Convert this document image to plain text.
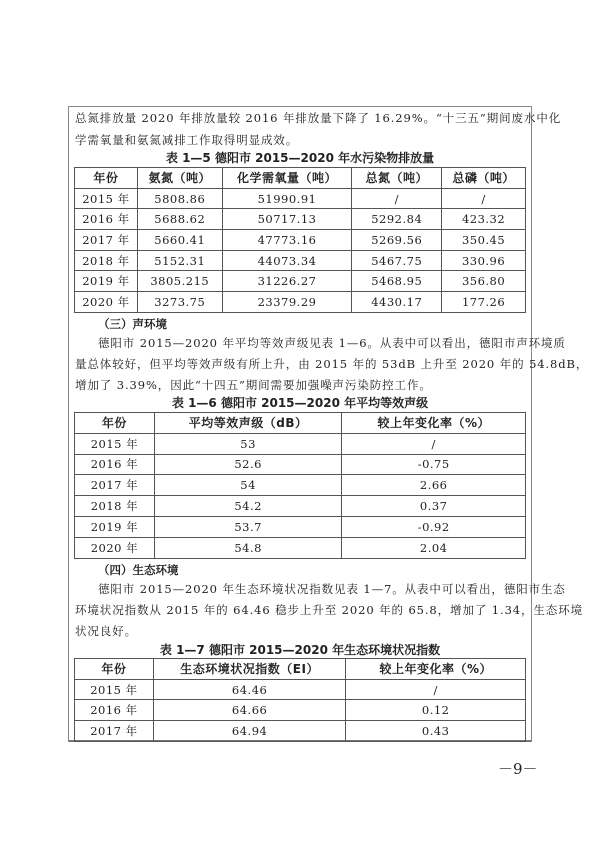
总氮排放量 2020 年排放量较 2016 年排放量下降了 16.29%。“十三五”期间废水中化
学需氧量和氨氮减排工作取得明显成效。
表 1—5 德阳市 2015—2020 年水污染物排放量
年份	氨氮（吨）	化学需氧量（吨）	总氮（吨）	总磷（吨）
2015 年	5808.86	51990.91	/	/
2016 年	5688.62	50717.13	5292.84	423.32
2017 年	5660.41	47773.16	5269.56	350.45
2018 年	5152.31	44073.34	5467.75	330.96
2019 年	3805.215	31226.27	5468.95	356.80
2020 年	3273.75	23379.29	4430.17	177.26
（三）声环境
德阳市 2015—2020 年平均等效声级见表 1—6。从表中可以看出，德阳市声环境质
量总体较好，但平均等效声级有所上升，由 2015 年的 53dB 上升至 2020 年的 54.8dB，
增加了 3.39%，因此“十四五”期间需要加强噪声污染防控工作。
表 1—6 德阳市 2015—2020 年平均等效声级
年份	平均等效声级（dB）	较上年变化率（%）
2015 年	53	/
2016 年	52.6	-0.75
2017 年	54	2.66
2018 年	54.2	0.37
2019 年	53.7	-0.92
2020 年	54.8	2.04
（四）生态环境
德阳市 2015—2020 年生态环境状况指数见表 1—7。从表中可以看出，德阳市生态
环境状况指数从 2015 年的 64.46 稳步上升至 2020 年的 65.8，增加了 1.34，生态环境
状况良好。
表 1—7 德阳市 2015—2020 年生态环境状况指数
年份	生态环境状况指数（EI）	较上年变化率（%）
2015 年	64.46	/
2016 年	64.66	0.12
2017 年	64.94	0.43
－9－
